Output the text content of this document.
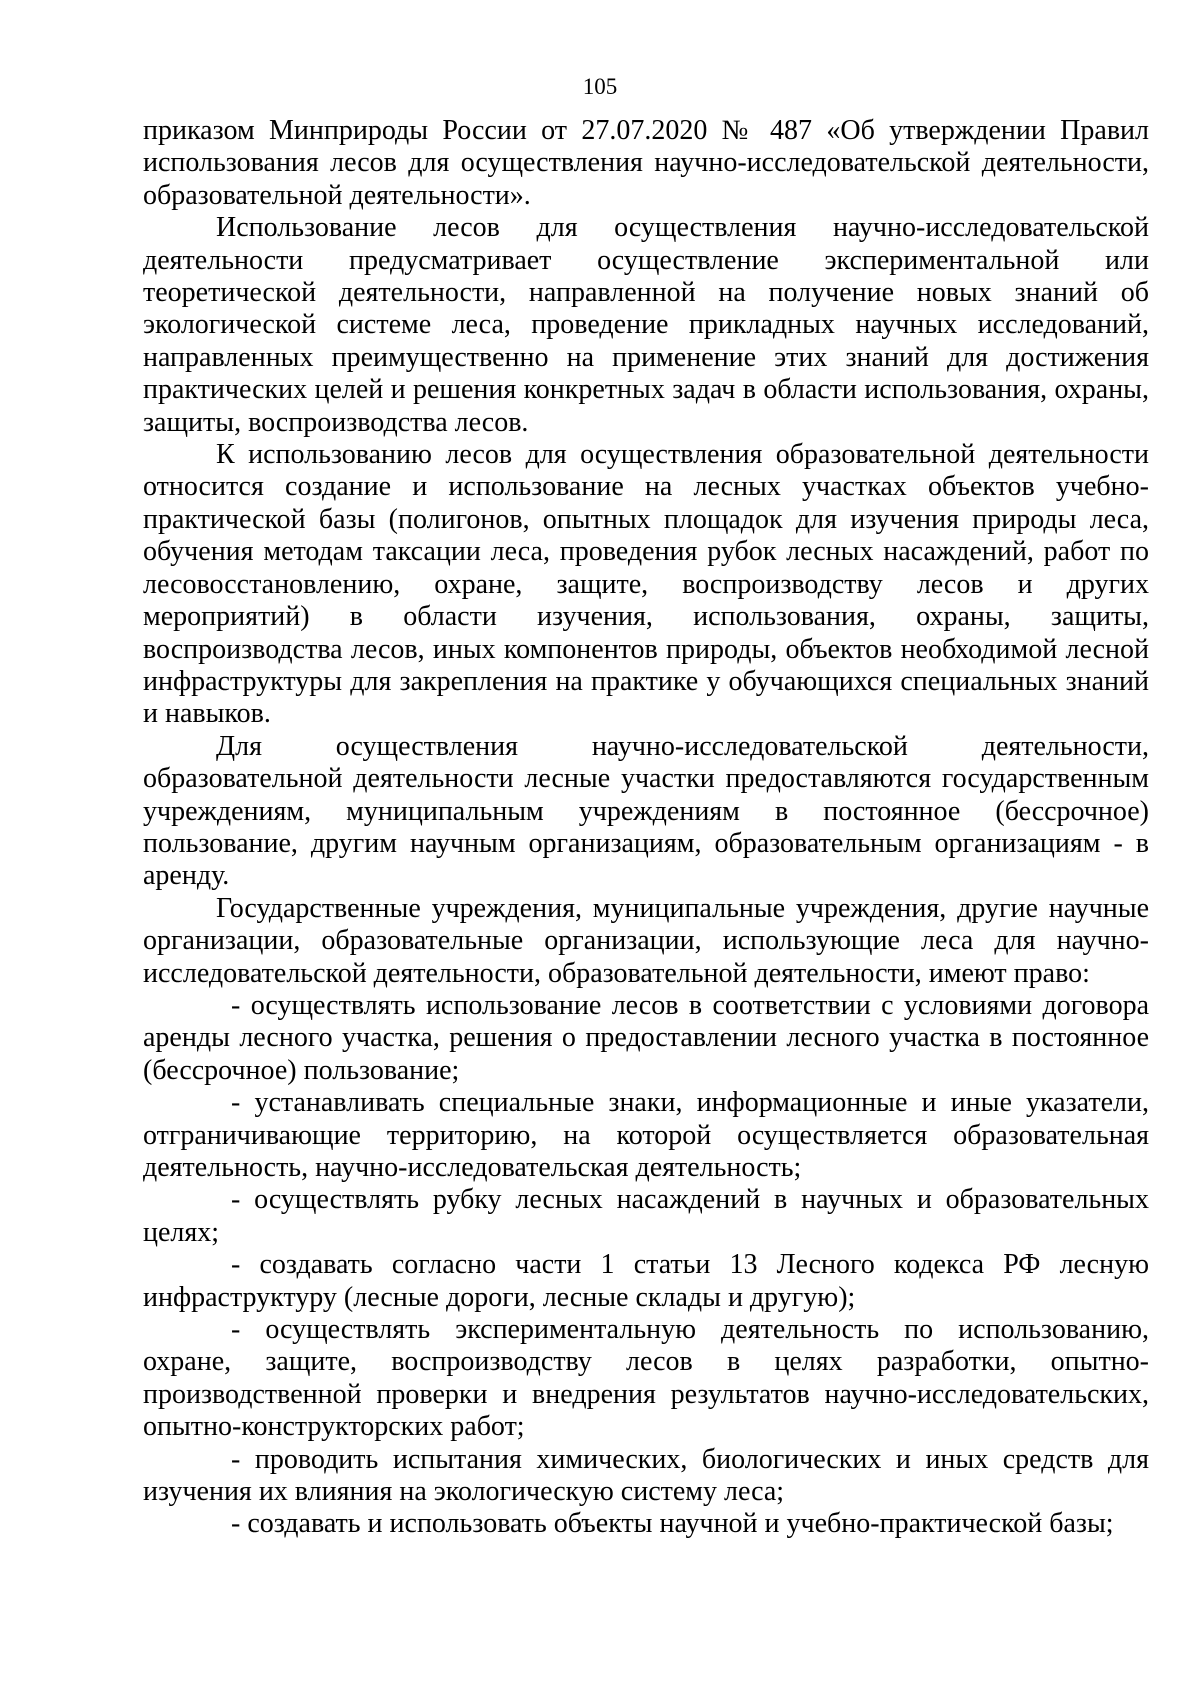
105

приказом Минприроды России от 27.07.2020 № 487 «Об утверждении Правил использования лесов для осуществления научно-исследовательской деятельности, образовательной деятельности».

Использование лесов для осуществления научно-исследовательской деятельности предусматривает осуществление экспериментальной или теоретической деятельности, направленной на получение новых знаний об экологической системе леса, проведение прикладных научных исследований, направленных преимущественно на применение этих знаний для достижения практических целей и решения конкретных задач в области использования, охраны, защиты, воспроизводства лесов.

К использованию лесов для осуществления образовательной деятельности относится создание и использование на лесных участках объектов учебно-практической базы (полигонов, опытных площадок для изучения природы леса, обучения методам таксации леса, проведения рубок лесных насаждений, работ по лесовосстановлению, охране, защите, воспроизводству лесов и других мероприятий) в области изучения, использования, охраны, защиты, воспроизводства лесов, иных компонентов природы, объектов необходимой лесной инфраструктуры для закрепления на практике у обучающихся специальных знаний и навыков.

Для осуществления научно-исследовательской деятельности, образовательной деятельности лесные участки предоставляются государственным учреждениям, муниципальным учреждениям в постоянное (бессрочное) пользование, другим научным организациям, образовательным организациям - в аренду.

Государственные учреждения, муниципальные учреждения, другие научные организации, образовательные организации, использующие леса для научно-исследовательской деятельности, образовательной деятельности, имеют право:

- осуществлять использование лесов в соответствии с условиями договора аренды лесного участка, решения о предоставлении лесного участка в постоянное (бессрочное) пользование;

- устанавливать специальные знаки, информационные и иные указатели, отграничивающие территорию, на которой осуществляется образовательная деятельность, научно-исследовательская деятельность;

- осуществлять рубку лесных насаждений в научных и образовательных целях;

- создавать согласно части 1 статьи 13 Лесного кодекса РФ лесную инфраструктуру (лесные дороги, лесные склады и другую);

- осуществлять экспериментальную деятельность по использованию, охране, защите, воспроизводству лесов в целях разработки, опытно-производственной проверки и внедрения результатов научно-исследовательских, опытно-конструкторских работ;

- проводить испытания химических, биологических и иных средств для изучения их влияния на экологическую систему леса;

- создавать и использовать объекты научной и учебно-практической базы;
